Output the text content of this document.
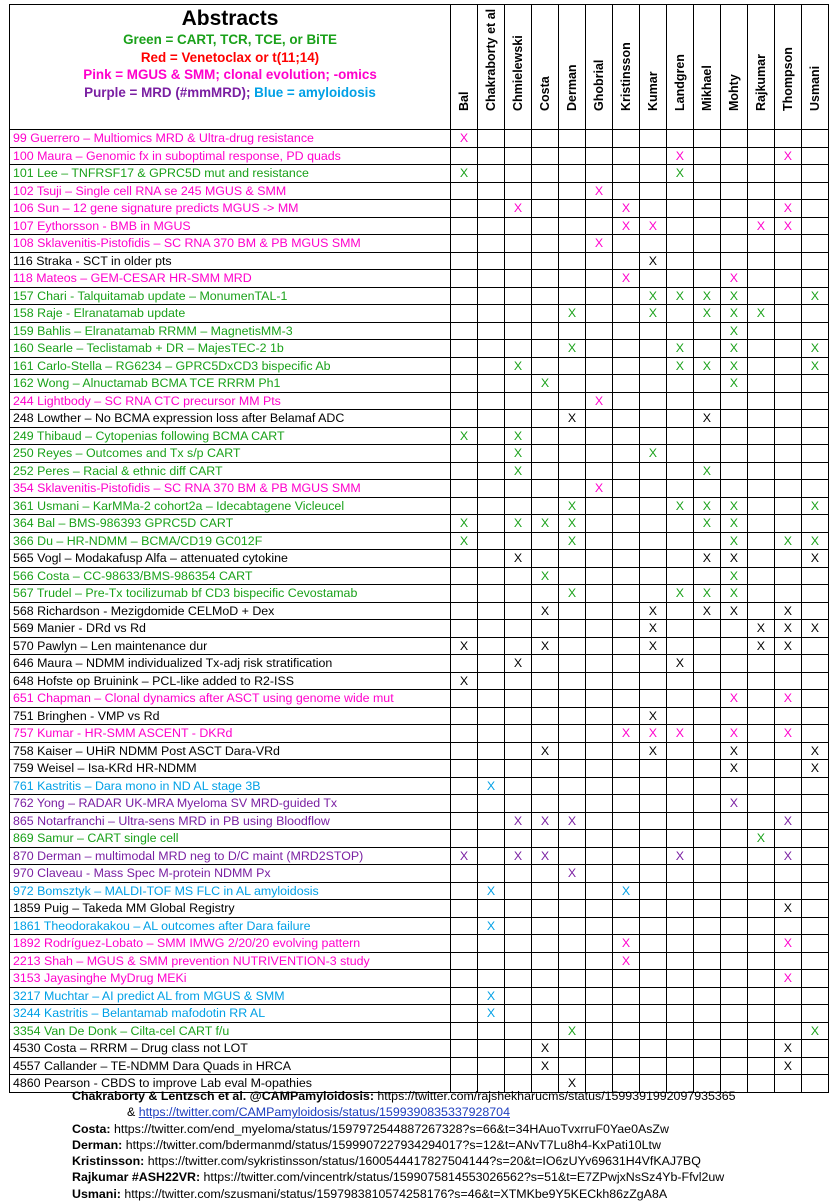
Abstracts
Green = CART, TCR, TCE, or BiTE
Red = Venetoclax or t(11;14)
Pink = MGUS & SMM; clonal evolution; -omics
Purple = MRD (#mmMRD); Blue = amyloidosis	Bal	Chakraborty et al	Chmielewski	Costa	Derman	Ghobrial	Kristinsson	Kumar	Landgren	Mikhael	Mohty	Rajkumar	Thompson	Usmani

99 Guerrero – Multiomics MRD & Ultra-drug resistance	X													
100 Maura – Genomic fx in suboptimal response, PD quads									X				X	
101 Lee – TNFRSF17 & GPRC5D mut and resistance	X								X					
102 Tsuji – Single cell RNA se 245 MGUS & SMM						X								
106 Sun – 12 gene signature predicts MGUS -> MM			X				X						X	
107 Eythorsson - BMB in MGUS							X	X				X	X	
108 Sklavenitis-Pistofidis – SC RNA 370 BM & PB MGUS SMM						X								
116 Straka - SCT in older pts								X						
118 Mateos – GEM-CESAR HR-SMM MRD							X				X			
157 Chari - Talquitamab update – MonumenTAL-1								X	X	X	X			X
158 Raje - Elranatamab update					X			X		X	X	X		
159 Bahlis – Elranatamab RRMM – MagnetisMM-3											X			
160 Searle – Teclistamab + DR – MajesTEC-2 1b					X				X		X			X
161 Carlo-Stella – RG6234 – GPRC5DxCD3 bispecific Ab			X						X	X	X			X
162 Wong – Alnuctamab BCMA TCE RRRM Ph1				X							X			
244 Lightbody – SC RNA CTC precursor MM Pts						X								
248 Lowther – No BCMA expression loss after Belamaf ADC					X					X				
249 Thibaud – Cytopenias following BCMA CART	X		X											
250 Reyes – Outcomes and Tx s/p CART			X					X						
252 Peres – Racial & ethnic diff CART			X							X				
354 Sklavenitis-Pistofidis – SC RNA 370 BM & PB MGUS SMM						X								
361 Usmani – KarMMa-2 cohort2a – Idecabtagene Vicleucel					X				X	X	X			X
364 Bal – BMS-986393 GPRC5D CART	X		X	X	X					X	X			
366 Du – HR-NDMM – BCMA/CD19 GC012F	X				X						X		X	X
565 Vogl – Modakafusp Alfa – attenuated cytokine			X							X	X			X
566 Costa – CC-98633/BMS-986354 CART				X							X			
567 Trudel – Pre-Tx tocilizumab bf CD3 bispecific Cevostamab					X				X	X	X			
568 Richardson - Mezigdomide CELMoD + Dex				X				X		X	X		X	
569 Manier - DRd vs Rd								X				X	X	X
570 Pawlyn – Len maintenance dur	X			X				X				X	X	
646 Maura – NDMM individualized Tx-adj risk stratification			X						X					
648 Hofste op Bruinink – PCL-like added to R2-ISS	X													
651 Chapman – Clonal dynamics after ASCT using genome wide mut											X		X	
751 Bringhen - VMP vs Rd								X						
757 Kumar - HR-SMM ASCENT - DKRd							X	X	X		X		X	
758 Kaiser – UHiR NDMM Post ASCT Dara-VRd				X				X			X			X
759 Weisel – Isa-KRd HR-NDMM											X			X
761 Kastritis – Dara mono in ND AL stage 3B		X												
762 Yong – RADAR UK-MRA Myeloma SV MRD-guided Tx											X			
865 Notarfranchi – Ultra-sens MRD in PB using Bloodflow			X	X	X								X	
869 Samur – CART single cell												X		
870 Derman – multimodal MRD neg to D/C maint (MRD2STOP)	X		X	X					X				X	
970 Claveau - Mass Spec M-protein NDMM Px					X									
972 Bomsztyk – MALDI-TOF MS FLC in AL amyloidosis		X					X							
1859 Puig – Takeda MM Global Registry													X	
1861 Theodorakakou – AL outcomes after Dara failure		X												
1892 Rodríguez-Lobato – SMM IMWG 2/20/20 evolving pattern							X						X	
2213 Shah – MGUS & SMM prevention NUTRIVENTION-3 study							X							
3153 Jayasinghe MyDrug MEKi													X	
3217 Muchtar – AI predict AL from MGUS & SMM		X												
3244 Kastritis – Belantamab mafodotin RR AL		X												
3354 Van De Donk – Cilta-cel CART f/u					X									X
4530 Costa – RRRM – Drug class not LOT				X									X	
4557 Callander – TE-NDMM Dara Quads in HRCA				X									X	
4860 Pearson - CBDS to improve Lab eval M-opathies					X									
Chakraborty & Lentzsch et al. @CAMPamyloidosis: https://twitter.com/rajshekharucms/status/1599391992097935365
& https://twitter.com/CAMPamyloidosis/status/1599390835337928704
Costa: https://twitter.com/end_myeloma/status/1597972544887267328?s=66&t=34HAuoTvxrruF0Yae0AsZw
Derman: https://twitter.com/bdermanmd/status/1599907227934294017?s=12&t=ANvT7Lu8h4-KxPati10Ltw
Kristinsson: https://twitter.com/sykristinsson/status/1600544417827504144?s=20&t=IO6zUYv69631H4VfKAJ7BQ
Rajkumar #ASH22VR: https://twitter.com/vincentrk/status/1599075814553026562?s=51&t=E7ZPwjxNsSz4Yb-Ffvl2uw
Usmani: https://twitter.com/szusmani/status/1597983810574258176?s=46&t=XTMKbe9Y5KECkh86zZgA8A
